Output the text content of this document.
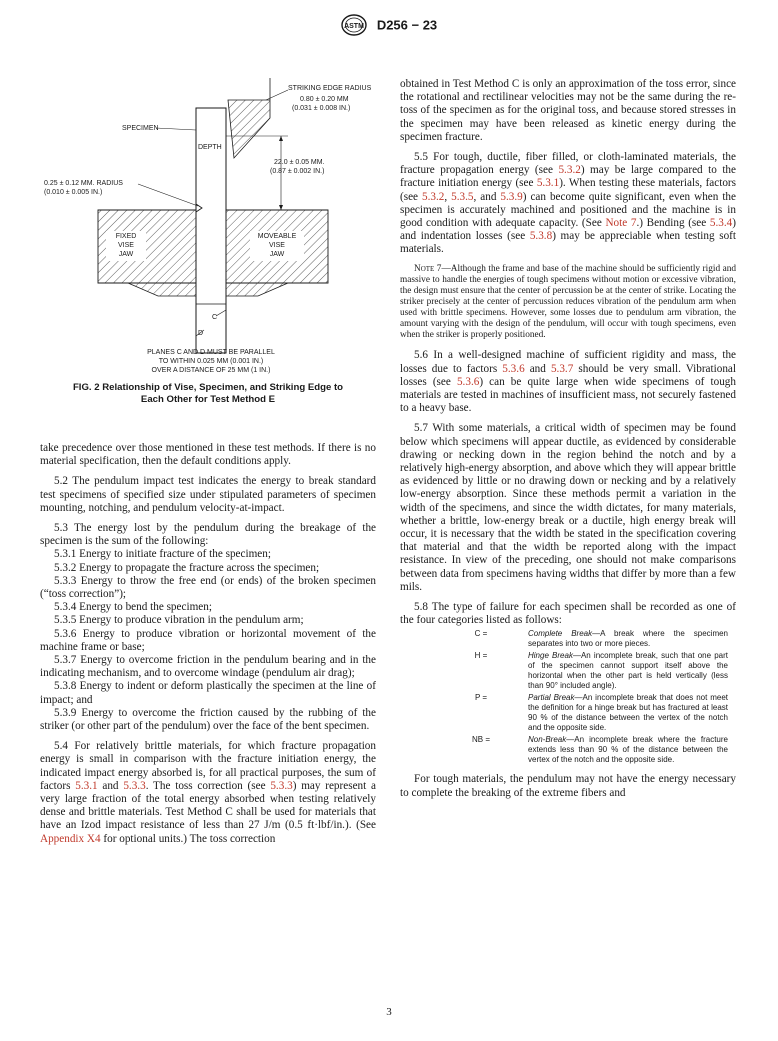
ASTM D256 − 23
STRIKING EDGE RADIUS
0.80 ± 0.20 MM
(0.031 ± 0.008 IN.)
SPECIMEN
DEPTH
22.0 ± 0.05 MM.
(0.87 ± 0.002 IN.)
0.25 ± 0.12 MM. RADIUS
(0.010 ± 0.005 IN.)
FIXED
VISE
JAW
MOVEABLE
VISE
JAW
C
D
PLANES C AND D MUST BE PARALLEL
TO WITHIN 0.025 MM (0.001 IN.)
OVER A DISTANCE OF 25 MM (1 IN.)
FIG. 2 Relationship of Vise, Specimen, and Striking Edge to
Each Other for Test Method E

take precedence over those mentioned in these test methods. If there is no material specification, then the default conditions apply.

5.2 The pendulum impact test indicates the energy to break standard test specimens of specified size under stipulated parameters of specimen mounting, notching, and pendulum velocity-at-impact.

5.3 The energy lost by the pendulum during the breakage of the specimen is the sum of the following:

5.3.1 Energy to initiate fracture of the specimen;

5.3.2 Energy to propagate the fracture across the specimen;

5.3.3 Energy to throw the free end (or ends) of the broken specimen (“toss correction”);

5.3.4 Energy to bend the specimen;

5.3.5 Energy to produce vibration in the pendulum arm;

5.3.6 Energy to produce vibration or horizontal movement of the machine frame or base;

5.3.7 Energy to overcome friction in the pendulum bearing and in the indicating mechanism, and to overcome windage (pendulum air drag);

5.3.8 Energy to indent or deform plastically the specimen at the line of impact; and

5.3.9 Energy to overcome the friction caused by the rubbing of the striker (or other part of the pendulum) over the face of the bent specimen.

5.4 For relatively brittle materials, for which fracture propagation energy is small in comparison with the fracture initiation energy, the indicated impact energy absorbed is, for all practical purposes, the sum of factors 5.3.1 and 5.3.3. The toss correction (see 5.3.3) may represent a very large fraction of the total energy absorbed when testing relatively dense and brittle materials. Test Method C shall be used for materials that have an Izod impact resistance of less than 27 J/m (0.5 ft·lbf/in.). (See Appendix X4 for optional units.) The toss correction

obtained in Test Method C is only an approximation of the toss error, since the rotational and rectilinear velocities may not be the same during the re-toss of the specimen as for the original toss, and because stored stresses in the specimen may have been released as kinetic energy during the specimen fracture.

5.5 For tough, ductile, fiber filled, or cloth-laminated materials, the fracture propagation energy (see 5.3.2) may be large compared to the fracture initiation energy (see 5.3.1). When testing these materials, factors (see 5.3.2, 5.3.5, and 5.3.9) can become quite significant, even when the specimen is accurately machined and positioned and the machine is in good condition with adequate capacity. (See Note 7.) Bending (see 5.3.4) and indentation losses (see 5.3.8) may be appreciable when testing soft materials.

Note 7—Although the frame and base of the machine should be sufficiently rigid and massive to handle the energies of tough specimens without motion or excessive vibration, the design must ensure that the center of percussion be at the center of strike. Locating the striker precisely at the center of percussion reduces vibration of the pendulum arm when used with brittle specimens. However, some losses due to pendulum arm vibration, the amount varying with the design of the pendulum, will occur with tough specimens, even when the striker is properly positioned.

5.6 In a well-designed machine of sufficient rigidity and mass, the losses due to factors 5.3.6 and 5.3.7 should be very small. Vibrational losses (see 5.3.6) can be quite large when wide specimens of tough materials are tested in machines of insufficient mass, not securely fastened to a heavy base.

5.7 With some materials, a critical width of specimen may be found below which specimens will appear ductile, as evidenced by considerable drawing or necking down in the region behind the notch and by a relatively high-energy absorption, and above which they will appear brittle as evidenced by little or no drawing down or necking and by a relatively low-energy absorption. Since these methods permit a variation in the width of the specimens, and since the width dictates, for many materials, whether a brittle, low-energy break or a ductile, high energy break will occur, it is necessary that the width be stated in the specification covering that material and that the width be reported along with the impact resistance. In view of the preceding, one should not make comparisons between data from specimens having widths that differ by more than a few mils.

5.8 The type of failure for each specimen shall be recorded as one of the four categories listed as follows:

C =	Complete Break—A break where the specimen separates into two or more pieces.
H =	Hinge Break—An incomplete break, such that one part of the specimen cannot support itself above the horizontal when the other part is held vertically (less than 90° included angle).
P =	Partial Break—An incomplete break that does not meet the definition for a hinge break but has fractured at least 90 % of the distance between the vertex of the notch and the opposite side.
NB =	Non-Break—An incomplete break where the fracture extends less than 90 % of the distance between the vertex of the notch and the opposite side.

For tough materials, the pendulum may not have the energy necessary to complete the breaking of the extreme fibers and

3
